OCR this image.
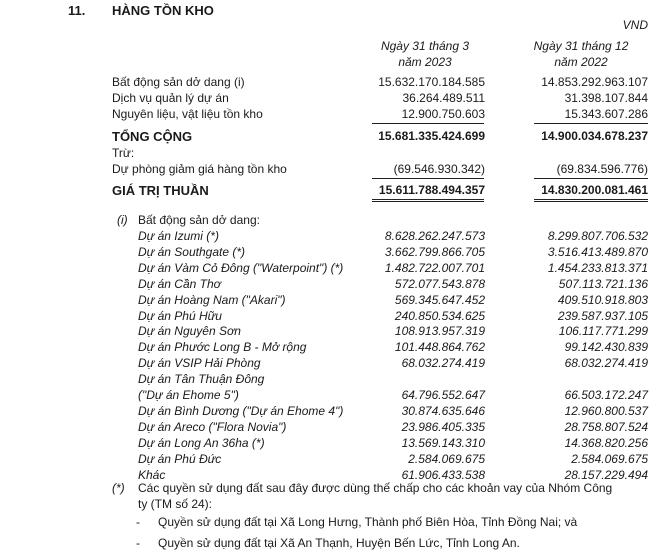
11. HÀNG TỒN KHO
VND
Ngày 31 tháng 3
năm 2023
Ngày 31 tháng 12
năm 2022
Bất động sản dở dang (i)	15.632.170.184.585	14.853.292.963.107
Dịch vụ quản lý dự án	36.264.489.511	31.398.107.844
Nguyên liệu, vật liệu tồn kho	12.900.750.603	15.343.607.286
TỔNG CỘNG	15.681.335.424.699	14.900.034.678.237
Trừ:
Dự phòng giảm giá hàng tồn kho	(69.546.930.342)	(69.834.596.776)
GIÁ TRỊ THUẦN	15.611.788.494.357	14.830.200.081.461
(i) Bất động sản dở dang:
Dự án Izumi (*)	8.628.262.247.573	8.299.807.706.532
Dự án Southgate (*)	3.662.799.866.705	3.516.413.489.870
Dự án Vàm Cỏ Đông ("Waterpoint") (*)	1.482.722.007.701	1.454.233.813.371
Dự án Cần Thơ	572.077.543.878	507.113.721.136
Dự án Hoàng Nam ("Akari")	569.345.647.452	409.510.918.803
Dự án Phú Hữu	240.850.534.625	239.587.937.105
Dự án Nguyên Sơn	108.913.957.319	106.117.771.299
Dự án Phước Long B - Mở rộng	101.448.864.762	99.142.430.839
Dự án VSIP Hải Phòng	68.032.274.419	68.032.274.419
Dự án Tân Thuận Đông
("Dự án Ehome 5")	64.796.552.647	66.503.172.247
Dự án Bình Dương ("Dự án Ehome 4")	30.874.635.646	12.960.800.537
Dự án Areco ("Flora Novia")	23.986.405.335	28.758.807.524
Dự án Long An 36ha (*)	13.569.143.310	14.368.820.256
Dự án Phú Đức	2.584.069.675	2.584.069.675
Khác	61.906.433.538	28.157.229.494
(*) Các quyền sử dụng đất sau đây được dùng thế chấp cho các khoản vay của Nhóm Công
ty (TM số 24):
- Quyền sử dụng đất tại Xã Long Hưng, Thành phố Biên Hòa, Tỉnh Đồng Nai; và
- Quyền sử dụng đất tại Xã An Thạnh, Huyện Bến Lức, Tỉnh Long An.
